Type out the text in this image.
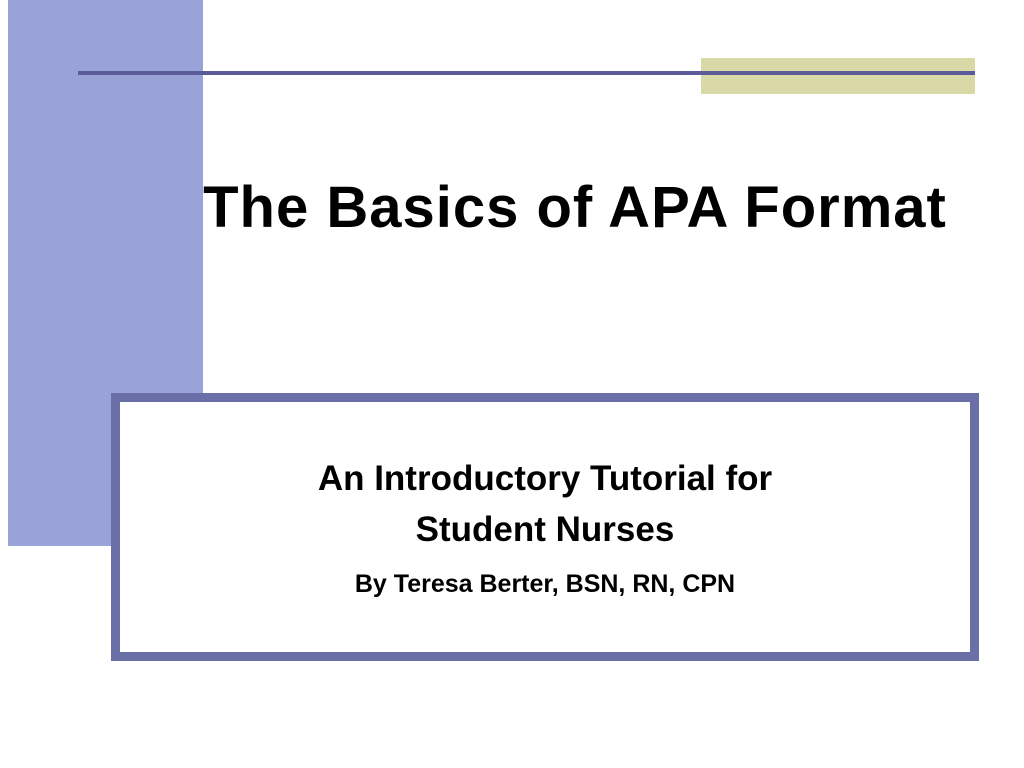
The Basics of APA Format
An Introductory Tutorial for
Student Nurses
By Teresa Berter, BSN, RN, CPN
